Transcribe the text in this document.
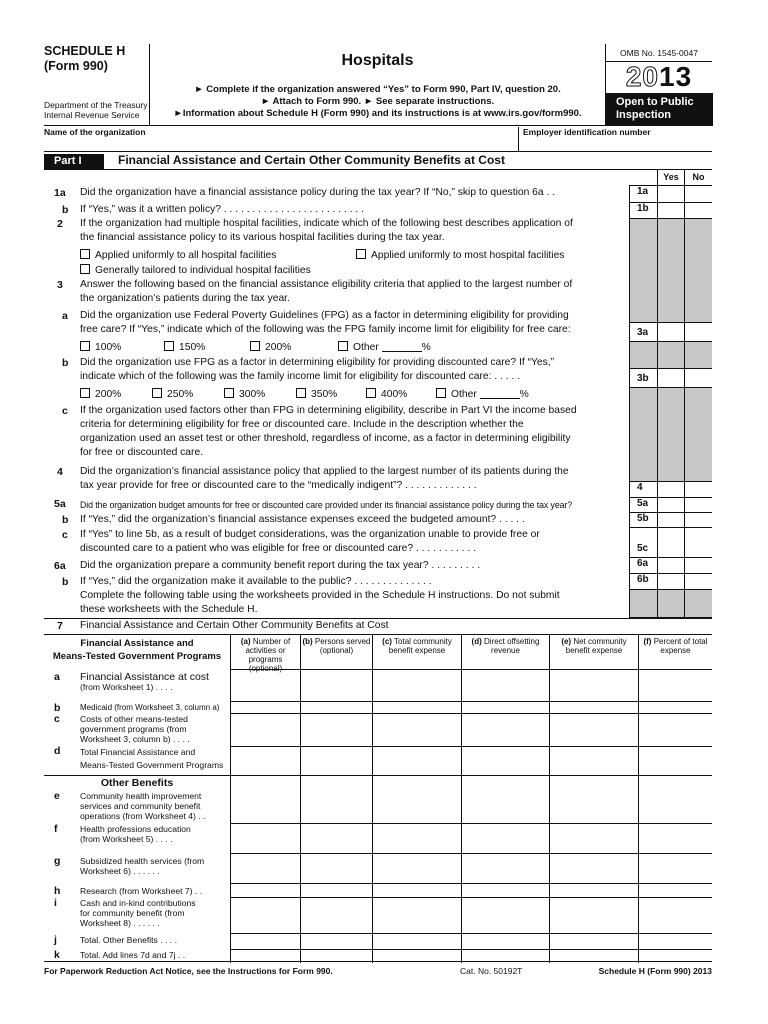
SCHEDULE H
(Form 990)
Department of the Treasury
Internal Revenue Service
Hospitals
► Complete if the organization answered “Yes” to Form 990, Part IV, question 20.
► Attach to Form 990. ► See separate instructions.
►Information about Schedule H (Form 990) and its instructions is at www.irs.gov/form990.
OMB No. 1545-0047
2013
Open to Public
Inspection
Name of the organization	Employer identification number
Part I	Financial Assistance and Certain Other Community Benefits at Cost
Yes	No
1a
1b
3a
3b
4
5a
5b
5c
6a
6b
1a Did the organization have a financial assistance policy during the tax year? If “No,” skip to question 6a . .
b If “Yes,” was it a written policy? . . . . . . . . . . . . . . . . . . . . . . . . .
2 If the organization had multiple hospital facilities, indicate which of the following best describes application of
the financial assistance policy to its various hospital facilities during the tax year.
Applied uniformly to all hospital facilities	Applied uniformly to most hospital facilities
Generally tailored to individual hospital facilities
3 Answer the following based on the financial assistance eligibility criteria that applied to the largest number of
the organization’s patients during the tax year.
a Did the organization use Federal Poverty Guidelines (FPG) as a factor in determining eligibility for providing
free care? If “Yes,” indicate which of the following was the FPG family income limit for eligibility for free care:
100%	150%	200%	Other	%
b Did the organization use FPG as a factor in determining eligibility for providing discounted care? If “Yes,”
indicate which of the following was the family income limit for eligibility for discounted care: . . . . .
200%	250%	300%	350%	400%	Other	%
c If the organization used factors other than FPG in determining eligibility, describe in Part VI the income based
criteria for determining eligibility for free or discounted care. Include in the description whether the
organization used an asset test or other threshold, regardless of income, as a factor in determining eligibility
for free or discounted care.
4 Did the organization’s financial assistance policy that applied to the largest number of its patients during the
tax year provide for free or discounted care to the “medically indigent”? . . . . . . . . . . . . .
5a Did the organization budget amounts for free or discounted care provided under its financial assistance policy during the tax year?
b If “Yes,” did the organization’s financial assistance expenses exceed the budgeted amount? . . . . .
c If “Yes” to line 5b, as a result of budget considerations, was the organization unable to provide free or
discounted care to a patient who was eligible for free or discounted care? . . . . . . . . . . .
6a Did the organization prepare a community benefit report during the tax year? . . . . . . . . .
b If “Yes,” did the organization make it available to the public? . . . . . . . . . . . . . .
Complete the following table using the worksheets provided in the Schedule H instructions. Do not submit
these worksheets with the Schedule H.
7 Financial Assistance and Certain Other Community Benefits at Cost
Financial Assistance and
Means-Tested Government Programs
(a) Number of activities or programs (optional)
(b) Persons served (optional)
(c) Total community benefit expense
(d) Direct offsetting revenue
(e) Net community benefit expense
(f) Percent of total expense
a Financial Assistance at cost
(from Worksheet 1) . . . .
b Medicaid (from Worksheet 3, column a)
c Costs of other means-tested
government programs (from
Worksheet 3, column b) . . . .
d Total Financial Assistance and
Means-Tested Government Programs
Other Benefits
e Community health improvement
services and community benefit
operations (from Worksheet 4) . .
f	Health professions education
(from Worksheet 5) . . . .
g Subsidized health services (from
Worksheet 6) . . . . . .
h Research (from Worksheet 7) . .
i	Cash and in-kind contributions
for community benefit (from
Worksheet 8) . . . . . .
j	Total. Other Benefits . . . .
k Total. Add lines 7d and 7j . .
For Paperwork Reduction Act Notice, see the Instructions for Form 990.	Cat. No. 50192T	Schedule H (Form 990) 2013
